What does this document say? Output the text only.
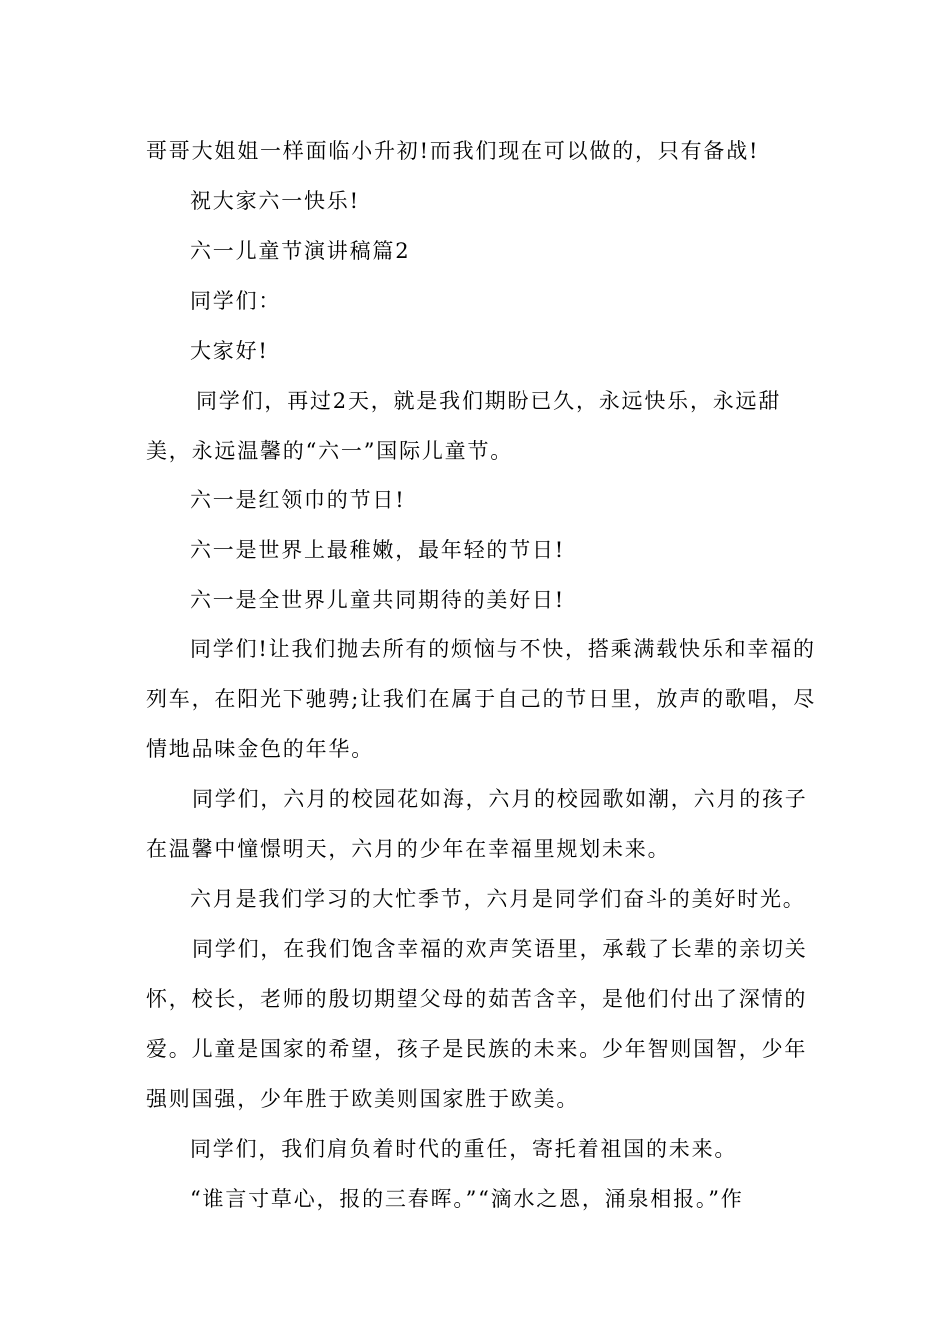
哥哥大姐姐一样面临小升初!而我们现在可以做的，只有备战!
祝大家六一快乐!
六一儿童节演讲稿篇2
同学们：
大家好!
同学们，再过2天，就是我们期盼已久，永远快乐，永远甜
美，永远温馨的“六一”国际儿童节。
六一是红领巾的节日!
六一是世界上最稚嫩，最年轻的节日!
六一是全世界儿童共同期待的美好日!
同学们!让我们抛去所有的烦恼与不快，搭乘满载快乐和幸福的
列车，在阳光下驰骋;让我们在属于自己的节日里，放声的歌唱，尽
情地品味金色的年华。
同学们，六月的校园花如海，六月的校园歌如潮，六月的孩子
在温馨中憧憬明天，六月的少年在幸福里规划未来。
六月是我们学习的大忙季节，六月是同学们奋斗的美好时光。
同学们，在我们饱含幸福的欢声笑语里，承载了长辈的亲切关
怀，校长，老师的殷切期望父母的茹苦含辛，是他们付出了深情的
爱。儿童是国家的希望，孩子是民族的未来。少年智则国智，少年
强则国强，少年胜于欧美则国家胜于欧美。
同学们，我们肩负着时代的重任，寄托着祖国的未来。
“谁言寸草心，报的三春晖。”“滴水之恩，涌泉相报。”作
